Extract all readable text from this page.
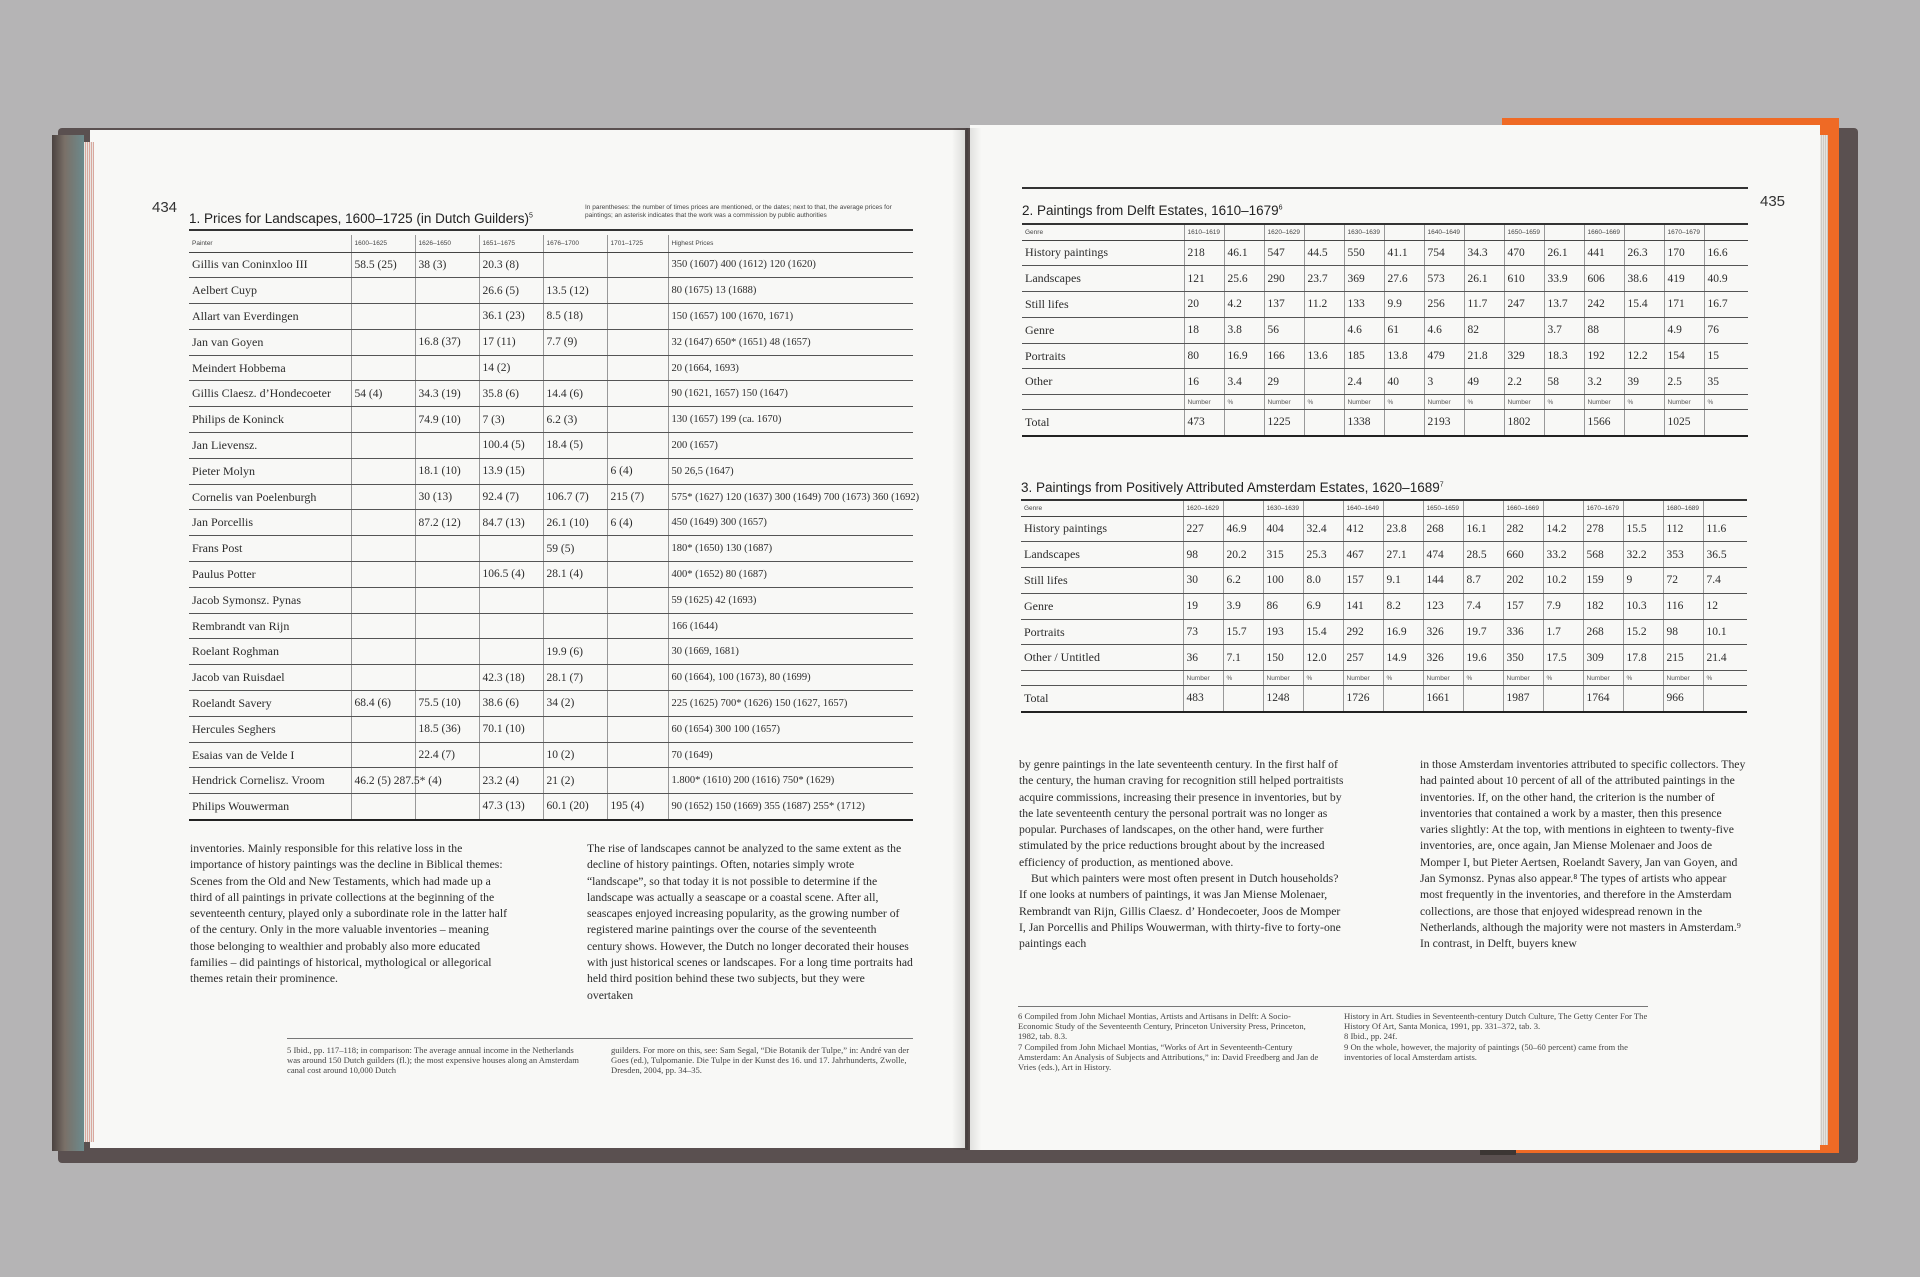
434
1. Prices for Landscapes, 1600–1725 (in Dutch Guilders)$^5$
In parentheses: the number of times prices are mentioned, or the dates; next to that, the average prices for paintings; an asterisk indicates that the work was a commission by public authorities
Painter	1600–1625	1626–1650	1651–1675	1676–1700	1701–1725	Highest Prices
Gillis van Coninxloo III	58.5 (25)	38 (3)	20.3 (8)			350 (1607) 400 (1612) 120 (1620)
Aelbert Cuyp			26.6 (5)	13.5 (12)		80 (1675) 13 (1688)
Allart van Everdingen			36.1 (23)	8.5 (18)		150 (1657) 100 (1670, 1671)
Jan van Goyen		16.8 (37)	17 (11)	7.7 (9)		32 (1647) 650* (1651) 48 (1657)
Meindert Hobbema			14 (2)			20 (1664, 1693)
Gillis Claesz. d’Hondecoeter	54 (4)	34.3 (19)	35.8 (6)	14.4 (6)		90 (1621, 1657) 150 (1647)
Philips de Koninck		74.9 (10)	7 (3)	6.2 (3)		130 (1657) 199 (ca. 1670)
Jan Lievensz.			100.4 (5)	18.4 (5)		200 (1657)
Pieter Molyn		18.1 (10)	13.9 (15)		6 (4)	50 26,5 (1647)
Cornelis van Poelenburgh		30 (13)	92.4 (7)	106.7 (7)	215 (7)	575* (1627) 120 (1637) 300 (1649) 700 (1673) 360 (1692)
Jan Porcellis		87.2 (12)	84.7 (13)	26.1 (10)	6 (4)	450 (1649) 300 (1657)
Frans Post				59 (5)		180* (1650) 130 (1687)
Paulus Potter			106.5 (4)	28.1 (4)		400* (1652) 80 (1687)
Jacob Symonsz. Pynas						59 (1625) 42 (1693)
Rembrandt van Rijn						166 (1644)
Roelant Roghman				19.9 (6)		30 (1669, 1681)
Jacob van Ruisdael			42.3 (18)	28.1 (7)		60 (1664), 100 (1673), 80 (1699)
Roelandt Savery	68.4 (6)	75.5 (10)	38.6 (6)	34 (2)		225 (1625) 700* (1626) 150 (1627, 1657)
Hercules Seghers		18.5 (36)	70.1 (10)			60 (1654) 300 100 (1657)
Esaias van de Velde I		22.4 (7)		10 (2)		70 (1649)
Hendrick Cornelisz. Vroom	46.2 (5) 287.5* (4)		23.2 (4)	21 (2)		1.800* (1610) 200 (1616) 750* (1629)
Philips Wouwerman			47.3 (13)	60.1 (20)	195 (4)	90 (1652) 150 (1669) 355 (1687) 255* (1712)
inventories. Mainly responsible for this relative loss in the importance of history paintings was the decline in Biblical themes: Scenes from the Old and New Testaments, which had made up a third of all paintings in private collections at the beginning of the seventeenth century, played only a subordinate role in the latter half of the century. Only in the more valuable inventories – meaning those belonging to wealthier and probably also more educated families – did paintings of historical, mythological or allegorical themes retain their prominence.
The rise of landscapes cannot be analyzed to the same extent as the decline of history paintings. Often, notaries simply wrote “landscape”, so that today it is not possible to determine if the landscape was actually a seascape or a coastal scene. After all, seascapes enjoyed increasing popularity, as the growing number of registered marine paintings over the course of the seventeenth century shows. However, the Dutch no longer decorated their houses with just historical scenes or landscapes. For a long time portraits had held third position behind these two subjects, but they were overtaken
5 Ibid., pp. 117–118; in comparison: The average annual income in the Netherlands was around 150 Dutch guilders (fl.); the most expensive houses along an Amsterdam canal cost around 10,000 Dutch
guilders. For more on this, see: Sam Segal, “Die Botanik der Tulpe,” in: André van der Goes (ed.), Tulpomanie. Die Tulpe in der Kunst des 16. und 17. Jahrhunderts, Zwolle, Dresden, 2004, pp. 34–35.
435
2. Paintings from Delft Estates, 1610–1679$^6$
Genre	1610–1619		1620–1629		1630–1639		1640–1649		1650–1659		1660–1669		1670–1679	
History paintings	218	46.1	547	44.5	550	41.1	754	34.3	470	26.1	441	26.3	170	16.6
Landscapes	121	25.6	290	23.7	369	27.6	573	26.1	610	33.9	606	38.6	419	40.9
Still lifes	20	4.2	137	11.2	133	9.9	256	11.7	247	13.7	242	15.4	171	16.7
Genre	18	3.8	56		4.6	61	4.6	82		3.7	88		4.9	76
Portraits	80	16.9	166	13.6	185	13.8	479	21.8	329	18.3	192	12.2	154	15
Other	16	3.4	29		2.4	40	3	49	2.2	58	3.2	39	2.5	35
	Number	%	Number	%	Number	%	Number	%	Number	%	Number	%	Number	%
Total	473		1225		1338		2193		1802		1566		1025	
3. Paintings from Positively Attributed Amsterdam Estates, 1620–1689$^7$
Genre	1620–1629		1630–1639		1640–1649		1650–1659		1660–1669		1670–1679		1680–1689	
History paintings	227	46.9	404	32.4	412	23.8	268	16.1	282	14.2	278	15.5	112	11.6
Landscapes	98	20.2	315	25.3	467	27.1	474	28.5	660	33.2	568	32.2	353	36.5
Still lifes	30	6.2	100	8.0	157	9.1	144	8.7	202	10.2	159	9	72	7.4
Genre	19	3.9	86	6.9	141	8.2	123	7.4	157	7.9	182	10.3	116	12
Portraits	73	15.7	193	15.4	292	16.9	326	19.7	336	1.7	268	15.2	98	10.1
Other / Untitled	36	7.1	150	12.0	257	14.9	326	19.6	350	17.5	309	17.8	215	21.4
	Number	%	Number	%	Number	%	Number	%	Number	%	Number	%	Number	%
Total	483		1248		1726		1661		1987		1764		966	

by genre paintings in the late seventeenth century. In the first half of the century, the human craving for recognition still helped portraitists acquire commissions, increasing their presence in inventories, but by the late seventeenth century the personal portrait was no longer as popular. Purchases of landscapes, on the other hand, were further stimulated by the price reductions brought about by the increased efficiency of production, as mentioned above.

But which painters were most often present in Dutch households? If one looks at numbers of paintings, it was Jan Miense Molenaer, Rembrandt van Rijn, Gillis Claesz. d’ Hondecoeter, Joos de Momper I, Jan Porcellis and Philips Wouwerman, with thirty-five to forty-one paintings each

in those Amsterdam inventories attributed to specific collectors. They had painted about 10 percent of all of the attributed paintings in the inventories. If, on the other hand, the criterion is the number of inventories that contained a work by a master, then this presence varies slightly: At the top, with mentions in eighteen to twenty-five inventories, are, once again, Jan Miense Molenaer and Joos de Momper I, but Pieter Aertsen, Roelandt Savery, Jan van Goyen, and Jan Symonsz. Pynas also appear.⁸ The types of artists who appear most frequently in the inventories, and therefore in the Amsterdam collections, are those that enjoyed widespread renown in the Netherlands, although the majority were not masters in Amsterdam.⁹ In contrast, in Delft, buyers knew
6 Compiled from John Michael Montias, Artists and Artisans in Delft: A Socio-Economic Study of the Seventeenth Century, Princeton University Press, Princeton, 1982, tab. 8.3.
7 Compiled from John Michael Montias, “Works of Art in Seventeenth-Century Amsterdam: An Analysis of Subjects and Attributions,” in: David Freedberg and Jan de Vries (eds.), Art in History.
History in Art. Studies in Seventeenth-century Dutch Culture, The Getty Center For The History Of Art, Santa Monica, 1991, pp. 331–372, tab. 3.
8 Ibid., pp. 24f.
9 On the whole, however, the majority of paintings (50–60 percent) came from the inventories of local Amsterdam artists.
